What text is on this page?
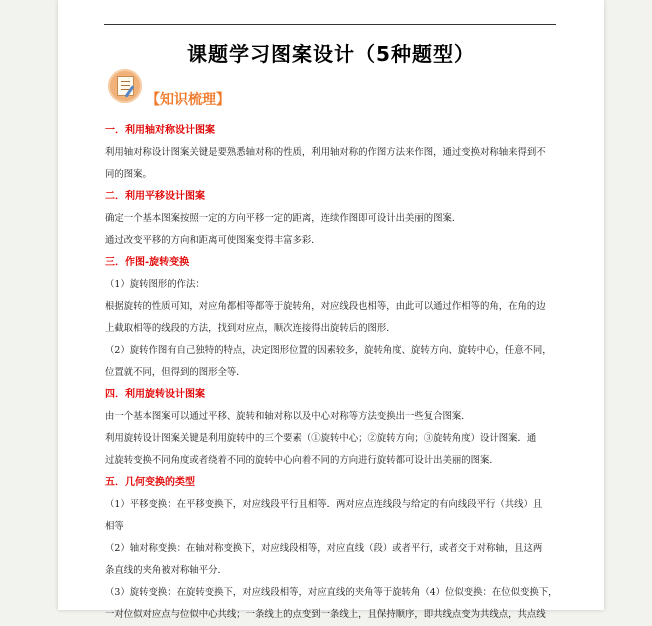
课题学习图案设计（5种题型）
【知识梳理】
一．利用轴对称设计图案
利用轴对称设计图案关键是要熟悉轴对称的性质，利用轴对称的作图方法来作图，通过变换对称轴来得到不
同的图案。
二．利用平移设计图案
确定一个基本图案按照一定的方向平移一定的距离，连续作图即可设计出美丽的图案．
通过改变平移的方向和距离可使图案变得丰富多彩．
三．作图-旋转变换
（1）旋转图形的作法：
根据旋转的性质可知，对应角都相等都等于旋转角，对应线段也相等，由此可以通过作相等的角，在角的边
上截取相等的线段的方法，找到对应点，顺次连接得出旋转后的图形．
（2）旋转作图有自己独特的特点，决定图形位置的因素较多，旋转角度、旋转方向、旋转中心，任意不同，
位置就不同，但得到的图形全等．
四．利用旋转设计图案
由一个基本图案可以通过平移、旋转和轴对称以及中心对称等方法变换出一些复合图案．
利用旋转设计图案关键是利用旋转中的三个要素（①旋转中心；②旋转方向；③旋转角度）设计图案．通
过旋转变换不同角度或者绕着不同的旋转中心向着不同的方向进行旋转都可设计出美丽的图案．
五．几何变换的类型
（1）平移变换：在平移变换下，对应线段平行且相等．两对应点连线段与给定的有向线段平行（共线）且
相等
（2）轴对称变换：在轴对称变换下，对应线段相等，对应直线（段）或者平行，或者交于对称轴，且这两
条直线的夹角被对称轴平分．
（3）旋转变换：在旋转变换下，对应线段相等，对应直线的夹角等于旋转角（4）位似变换：在位似变换下，
一对位似对应点与位似中心共线；一条线上的点变到一条线上，且保持顺序，即共线点变为共线点，共点线
